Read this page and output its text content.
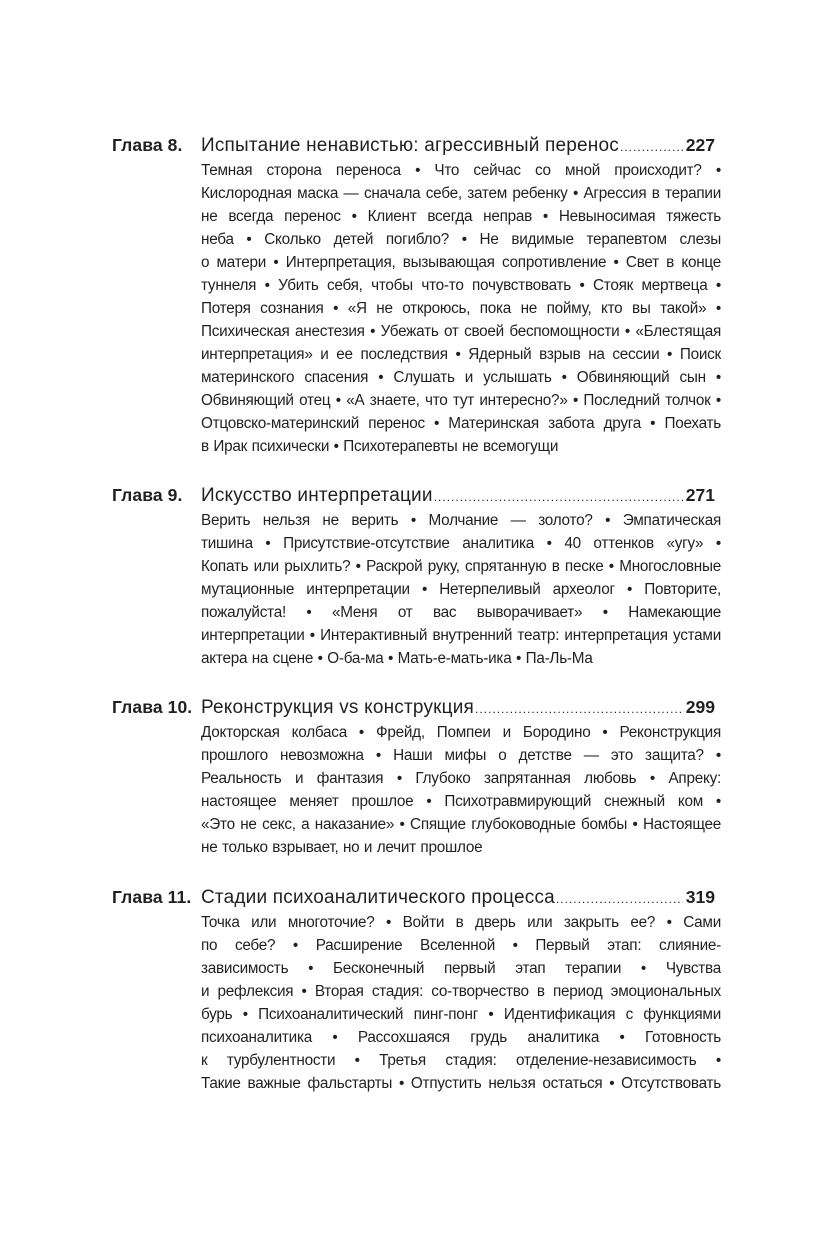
Глава 8. Испытание ненавистью: агрессивный перенос .....	227
Темная сторона переноса • Что сейчас со мной происходит? •
Кислородная маска — сначала себе, затем ребенку • Агрессия в терапии
не всегда перенос • Клиент всегда неправ • Невыносимая тяжесть
неба • Сколько детей погибло? • Не видимые терапевтом слезы
о матери • Интерпретация, вызывающая сопротивление • Свет в конце
туннеля • Убить себя, чтобы что-то почувствовать • Стояк мертвеца •
Потеря сознания • «Я не откроюсь, пока не пойму, кто вы такой» •
Психическая анестезия • Убежать от своей беспомощности • «Блестящая
интерпретация» и ее последствия • Ядерный взрыв на сессии • Поиск
материнского спасения • Слушать и услышать • Обвиняющий сын •
Обвиняющий отец • «А знаете, что тут интересно?» • Последний толчок •
Отцовско-материнский перенос • Материнская забота друга • Поехать
в Ирак психически • Психотерапевты не всемогущи
Глава 9. Искусство интерпретации .....	271
Верить нельзя не верить • Молчание — золото? • Эмпатическая
тишина • Присутствие-отсутствие аналитика • 40 оттенков «угу» •
Копать или рыхлить? • Раскрой руку, спрятанную в песке • Многословные
мутационные интерпретации • Нетерпеливый археолог • Повторите,
пожалуйста! • «Меня от вас выворачивает» • Намекающие
интерпретации • Интерактивный внутренний театр: интерпретация устами
актера на сцене • О-ба-ма • Мать-е-мать-ика • Па-Ль-Ма
Глава 10. Реконструкция vs конструкция .....	299
Докторская колбаса • Фрейд, Помпеи и Бородино • Реконструкция
прошлого невозможна • Наши мифы о детстве — это защита? •
Реальность и фантазия • Глубоко запрятанная любовь • Апреку:
настоящее меняет прошлое • Психотравмирующий снежный ком •
«Это не секс, а наказание» • Спящие глубоководные бомбы • Настоящее
не только взрывает, но и лечит прошлое
Глава 11. Стадии психоаналитического процесса .....	319
Точка или многоточие? • Войти в дверь или закрыть ее? • Сами
по себе? • Расширение Вселенной • Первый этап: слияние-
зависимость • Бесконечный первый этап терапии • Чувства
и рефлексия • Вторая стадия: со-творчество в период эмоциональных
бурь • Психоаналитический пинг-понг • Идентификация с функциями
психоаналитика • Рассохшаяся грудь аналитика • Готовность
к турбулентности • Третья стадия: отделение-независимость •
Такие важные фальстарты • Отпустить нельзя остаться • Отсутствовать
